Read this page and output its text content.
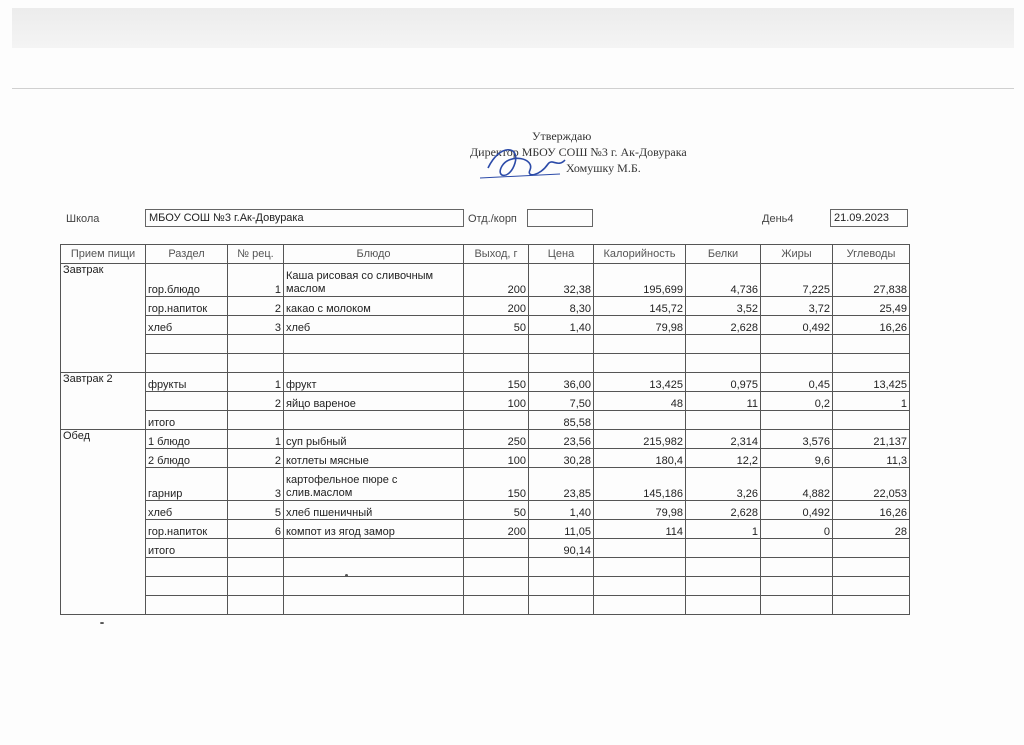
Утверждаю
Директор МБОУ СОШ №3 г. Ак-Довурака
Хомушку М.Б.
Школа	МБОУ СОШ №3 г.Ак-Довурака	Отд./корп	День4	21.09.2023
Прием пищи	Раздел	№ рец.	Блюдо	Выход, г	Цена	Калорийность	Белки	Жиры	Углеводы
Завтрак	гор.блюдо	1	Каша рисовая со сливочным маслом	200	32,38	195,699	4,736	7,225	27,838
	гор.напиток	2	какао с молоком	200	8,30	145,72	3,52	3,72	25,49
	хлеб	3	хлеб	50	1,40	79,98	2,628	0,492	16,26

Завтрак 2	фрукты	1	фрукт	150	36,00	13,425	0,975	0,45	13,425
		2	яйцо вареное	100	7,50	48	11	0,2	1
	итого				85,58				
Обед	1 блюдо	1	суп рыбный	250	23,56	215,982	2,314	3,576	21,137
	2 блюдо	2	котлеты мясные	100	30,28	180,4	12,2	9,6	11,3
	гарнир	3	картофельное пюре с слив.маслом	150	23,85	145,186	3,26	4,882	22,053
	хлеб	5	хлеб пшеничный	50	1,40	79,98	2,628	0,492	16,26
	гор.напиток	6	компот из ягод замор	200	11,05	114	1	0	28
	итого				90,14				
